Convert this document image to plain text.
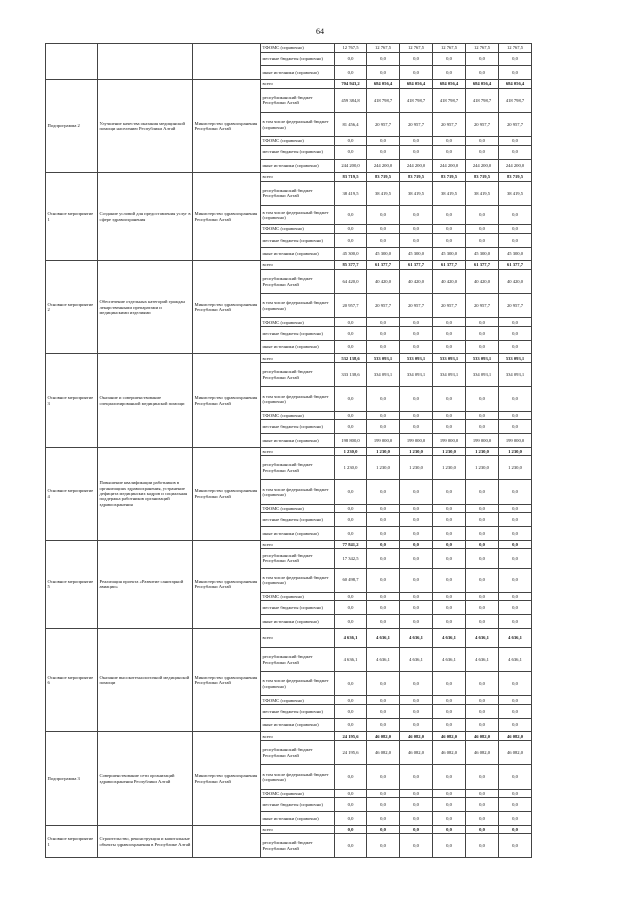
64
			ТФОМС (справочно)	12 767,5	12 767,5	12 767,5	12 767,5	12 767,5	12 767,5
			местные бюджеты (справочно)	0,0	0,0	0,0	0,0	0,0	0,0
			иные источники (справочно)	0,0	0,0	0,0	0,0	0,0	0,0
Подпрограмма 2	Улучшение качества оказания медицинской помощи населению Республики Алтай	Министерство здравоохранения Республики Алтай	всего	704 943,2	684 056,4	684 056,4	684 056,4	684 056,4	684 056,4
			республиканский бюджет Республики Алтай	459 384,8	418 798,7	418 798,7	418 798,7	418 798,7	418 798,7
			в том числе федеральный бюджет (справочно)	81 456,4	20 957,7	20 957,7	20 957,7	20 957,7	20 957,7
			ТФОМС (справочно)	0,0	0,0	0,0	0,0	0,0	0,0
			местные бюджеты (справочно)	0,0	0,0	0,0	0,0	0,0	0,0
			иные источники (справочно)	244 200,0	244 200,0	244 200,0	244 200,0	244 200,0	244 200,0
Основное мероприятие 1	Создание условий для предоставления услуг в сфере здравоохранения	Министерство здравоохранения Республики Алтай	всего	83 719,5	83 719,5	83 719,5	83 719,5	83 719,5	83 719,5
			республиканский бюджет Республики Алтай	38 419,5	38 419,5	38 419,5	38 419,5	38 419,5	38 419,5
			в том числе федеральный бюджет (справочно)	0,0	0,0	0,0	0,0	0,0	0,0
			ТФОМС (справочно)	0,0	0,0	0,0	0,0	0,0	0,0
			местные бюджеты (справочно)	0,0	0,0	0,0	0,0	0,0	0,0
			иные источники (справочно)	45 300,0	45 300,0	45 300,0	45 300,0	45 300,0	45 300,0
Основное мероприятие 2	Обеспечение отдельных категорий граждан лекарственными препаратами и медицинскими изделиями	Министерство здравоохранения Республики Алтай	всего	85 377,7	61 377,7	61 377,7	61 377,7	61 377,7	61 377,7
			республиканский бюджет Республики Алтай	64 420,0	40 420,0	40 420,0	40 420,0	40 420,0	40 420,0
			в том числе федеральный бюджет (справочно)	20 957,7	20 957,7	20 957,7	20 957,7	20 957,7	20 957,7
			ТФОМС (справочно)	0,0	0,0	0,0	0,0	0,0	0,0
			местные бюджеты (справочно)	0,0	0,0	0,0	0,0	0,0	0,0
			иные источники (справочно)	0,0	0,0	0,0	0,0	0,0	0,0
Основное мероприятие 3	Оказание и совершенствование специализированной медицинской помощи	Министерство здравоохранения Республики Алтай	всего	532 138,6	533 093,1	533 093,1	533 093,1	533 093,1	533 093,1
			республиканский бюджет Республики Алтай	333 138,6	334 093,1	334 093,1	334 093,1	334 093,1	334 093,1
			в том числе федеральный бюджет (справочно)	0,0	0,0	0,0	0,0	0,0	0,0
			ТФОМС (справочно)	0,0	0,0	0,0	0,0	0,0	0,0
			местные бюджеты (справочно)	0,0	0,0	0,0	0,0	0,0	0,0
			иные источники (справочно)	198 800,0	199 000,0	199 000,0	199 000,0	199 000,0	199 000,0
Основное мероприятие 4	Повышение квалификации работников в организациях здравоохранения, устранение дефицита медицинских кадров и социальная поддержка работников организаций здравоохранения	Министерство здравоохранения Республики Алтай	всего	1 230,0	1 230,0	1 230,0	1 230,0	1 230,0	1 230,0
			республиканский бюджет Республики Алтай	1 230,0	1 230,0	1 230,0	1 230,0	1 230,0	1 230,0
			в том числе федеральный бюджет (справочно)	0,0	0,0	0,0	0,0	0,0	0,0
			ТФОМС (справочно)	0,0	0,0	0,0	0,0	0,0	0,0
			местные бюджеты (справочно)	0,0	0,0	0,0	0,0	0,0	0,0
			иные источники (справочно)	0,0	0,0	0,0	0,0	0,0	0,0
Основное мероприятие 5	Реализация проекта «Развитие санитарной авиации»	Министерство здравоохранения Республики Алтай	всего	77 841,2	0,0	0,0	0,0	0,0	0,0
			республиканский бюджет Республики Алтай	17 342,5	0,0	0,0	0,0	0,0	0,0
			в том числе федеральный бюджет (справочно)	60 498,7	0,0	0,0	0,0	0,0	0,0
			ТФОМС (справочно)	0,0	0,0	0,0	0,0	0,0	0,0
			местные бюджеты (справочно)	0,0	0,0	0,0	0,0	0,0	0,0
			иные источники (справочно)	0,0	0,0	0,0	0,0	0,0	0,0
Основное мероприятие 6	Оказание высокотехнологичной медицинской помощи	Министерство здравоохранения Республики Алтай	всего	4 636,1	4 636,1	4 636,1	4 636,1	4 636,1	4 636,1
			республиканский бюджет Республики Алтай	4 636,1	4 636,1	4 636,1	4 636,1	4 636,1	4 636,1
			в том числе федеральный бюджет (справочно)	0,0	0,0	0,0	0,0	0,0	0,0
			ТФОМС (справочно)	0,0	0,0	0,0	0,0	0,0	0,0
			местные бюджеты (справочно)	0,0	0,0	0,0	0,0	0,0	0,0
			иные источники (справочно)	0,0	0,0	0,0	0,0	0,0	0,0
Подпрограмма 3	Совершенствование сети организаций здравоохранения Республики Алтай	Министерство здравоохранения Республики Алтай	всего	24 195,6	46 082,0	46 082,0	46 082,0	46 082,0	46 082,0
			республиканский бюджет Республики Алтай	24 195,6	46 082,0	46 082,0	46 082,0	46 082,0	46 082,0
			в том числе федеральный бюджет (справочно)	0,0	0,0	0,0	0,0	0,0	0,0
			ТФОМС (справочно)	0,0	0,0	0,0	0,0	0,0	0,0
			местные бюджеты (справочно)	0,0	0,0	0,0	0,0	0,0	0,0
			иные источники (справочно)	0,0	0,0	0,0	0,0	0,0	0,0
Основное мероприятие 1	Строительство, реконструкция и капитальные объекты здравоохранения в Республике Алтай		всего	0,0	0,0	0,0	0,0	0,0	0,0
			республиканский бюджет Республики Алтай	0,0	0,0	0,0	0,0	0,0	0,0
